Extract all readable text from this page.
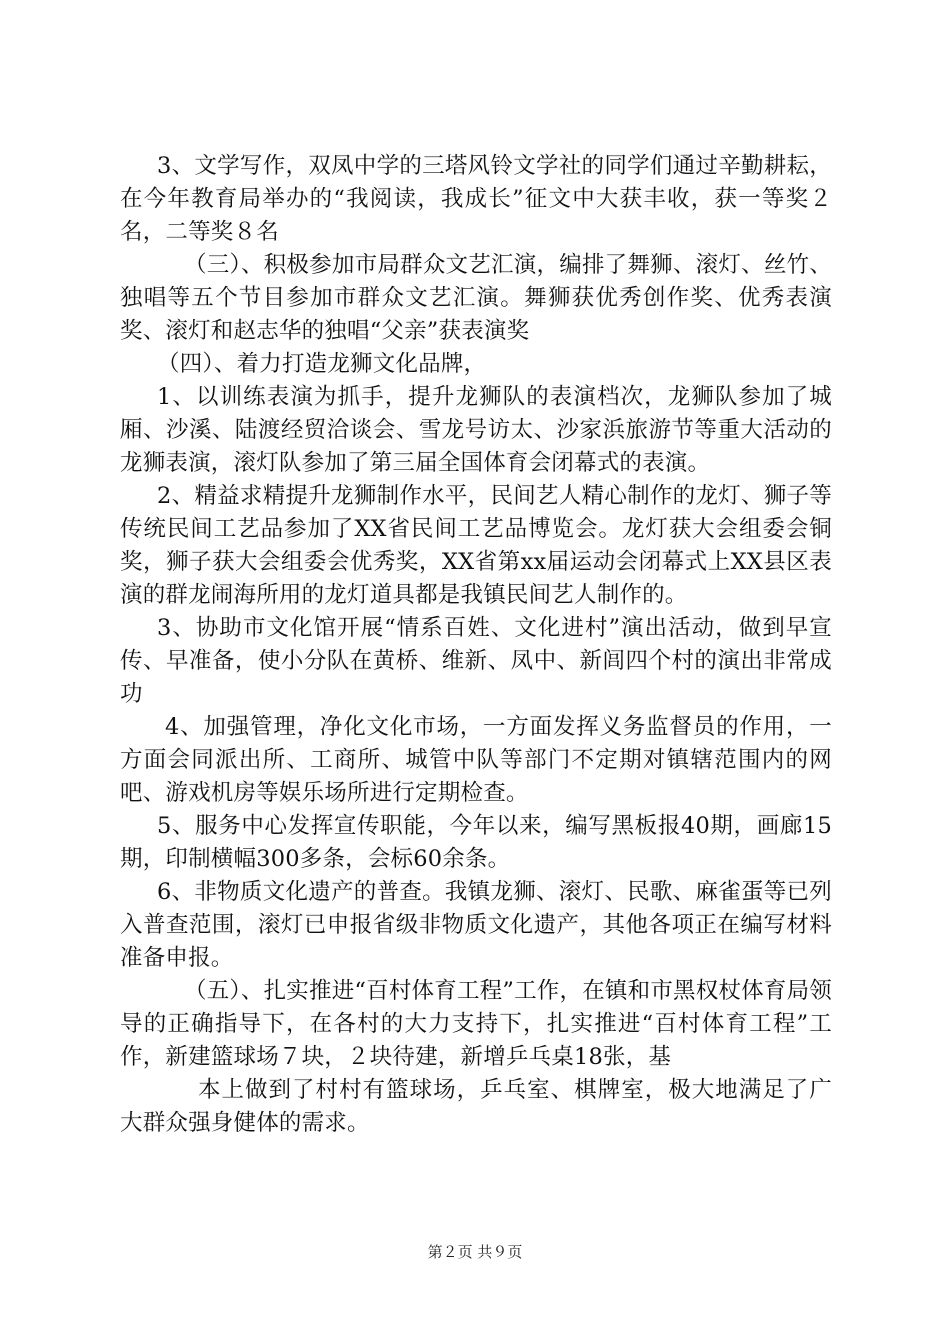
3、文学写作，双凤中学的三塔风铃文学社的同学们通过辛勤耕耘，在今年教育局举办的“我阅读，我成长”征文中大获丰收，获一等奖２名，二等奖８名

（三）、积极参加市局群众文艺汇演，编排了舞狮、滚灯、丝竹、独唱等五个节目参加市群众文艺汇演。舞狮获优秀创作奖、优秀表演奖、滚灯和赵志华的独唱“父亲”获表演奖

（四）、着力打造龙狮文化品牌，

1、以训练表演为抓手，提升龙狮队的表演档次，龙狮队参加了城厢、沙溪、陆渡经贸洽谈会、雪龙号访太、沙家浜旅游节等重大活动的龙狮表演，滚灯队参加了第三届全国体育会闭幕式的表演。

2、精益求精提升龙狮制作水平，民间艺人精心制作的龙灯、狮子等传统民间工艺品参加了XX省民间工艺品博览会。龙灯获大会组委会铜奖，狮子获大会组委会优秀奖，XX省第xx届运动会闭幕式上XX县区表演的群龙闹海所用的龙灯道具都是我镇民间艺人制作的。

3、协助市文化馆开展“情系百姓、文化进村”演出活动，做到早宣传、早准备，使小分队在黄桥、维新、凤中、新闾四个村的演出非常成功

4、加强管理，净化文化市场，一方面发挥义务监督员的作用，一方面会同派出所、工商所、城管中队等部门不定期对镇辖范围内的网吧、游戏机房等娱乐场所进行定期检查。

5、服务中心发挥宣传职能，今年以来，编写黑板报40期，画廊15期，印制横幅300多条，会标60余条。

6、非物质文化遗产的普查。我镇龙狮、滚灯、民歌、麻雀蛋等已列入普查范围，滚灯已申报省级非物质文化遗产，其他各项正在编写材料准备申报。

（五）、扎实推进“百村体育工程”工作，在镇和市黑权杖体育局领导的正确指导下，在各村的大力支持下，扎实推进“百村体育工程”工作，新建篮球场７块，２块待建，新增乒乓桌18张，基

本上做到了村村有篮球场，乒乓室、棋牌室，极大地满足了广大群众强身健体的需求。

第２页 共９页
